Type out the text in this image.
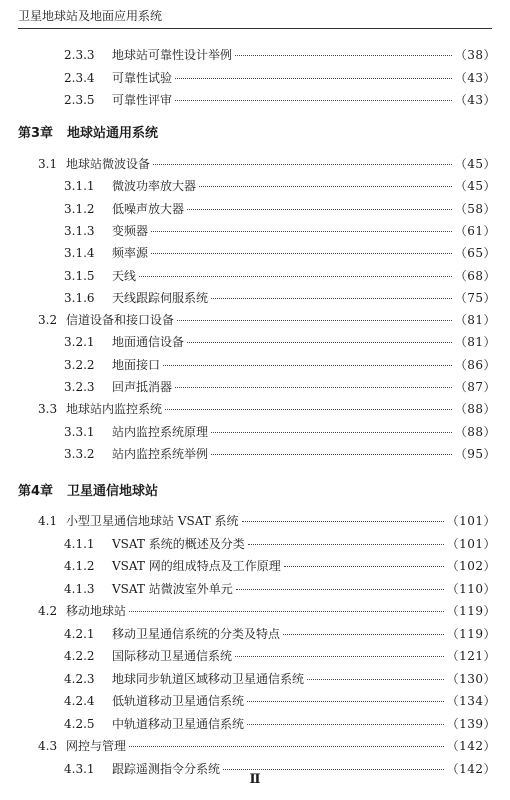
卫星地球站及地面应用系统
2.3.3	地球站可靠性设计举例	（38）
2.3.4	可靠性试验	（43）
2.3.5	可靠性评审	（43）
第3章 地球站通用系统
3.1 地球站微波设备	（45）
3.1.1	微波功率放大器	（45）
3.1.2	低噪声放大器	（58）
3.1.3	变频器	（61）
3.1.4	频率源	（65）
3.1.5	天线	（68）
3.1.6	天线跟踪伺服系统	（75）
3.2 信道设备和接口设备	（81）
3.2.1	地面通信设备	（81）
3.2.2	地面接口	（86）
3.2.3	回声抵消器	（87）
3.3 地球站内监控系统	（88）
3.3.1	站内监控系统原理	（88）
3.3.2	站内监控系统举例	（95）
第4章 卫星通信地球站
4.1 小型卫星通信地球站 VSAT 系统	（101）
4.1.1	VSAT 系统的概述及分类	（101）
4.1.2	VSAT 网的组成特点及工作原理	（102）
4.1.3	VSAT 站微波室外单元	（110）
4.2 移动地球站	（119）
4.2.1	移动卫星通信系统的分类及特点	（119）
4.2.2	国际移动卫星通信系统	（121）
4.2.3	地球同步轨道区域移动卫星通信系统	（130）
4.2.4	低轨道移动卫星通信系统	（134）
4.2.5	中轨道移动卫星通信系统	（139）
4.3 网控与管理	（142）
4.3.1	跟踪遥测指令分系统	（142）
Ⅱ
